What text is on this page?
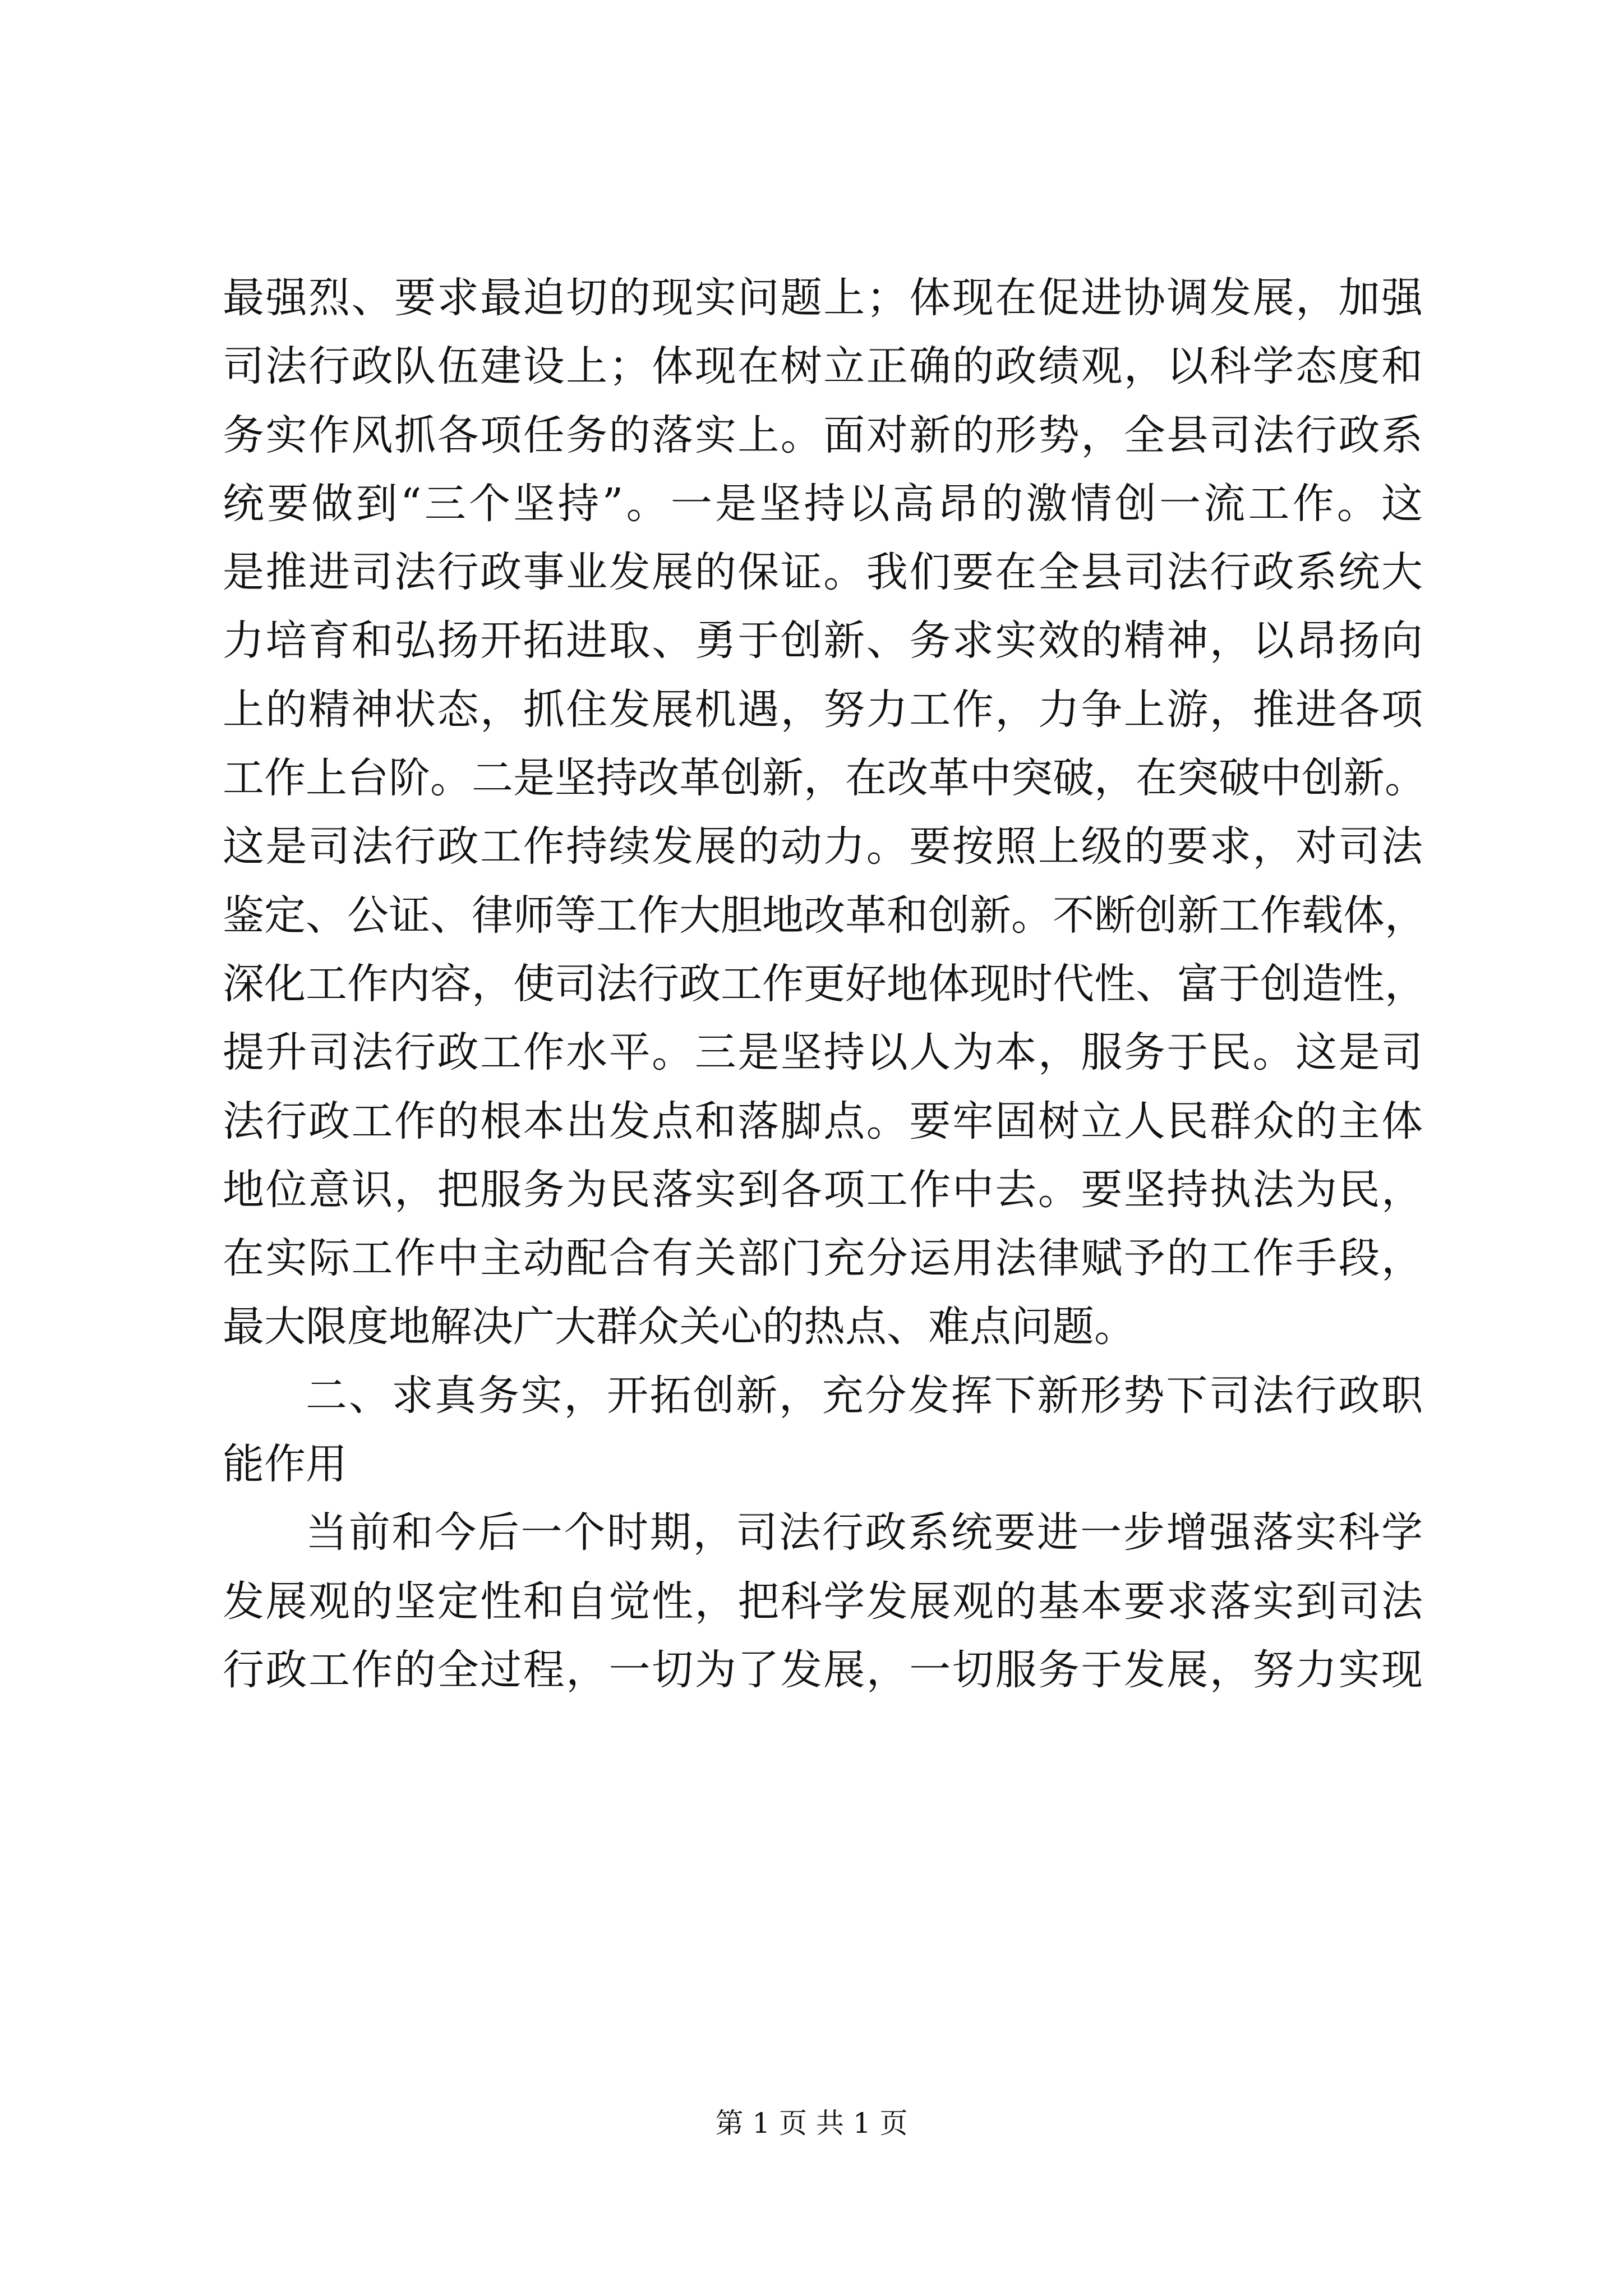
最强烈、要求最迫切的现实问题上；体现在促进协调发展，加强
司法行政队伍建设上；体现在树立正确的政绩观，以科学态度和
务实作风抓各项任务的落实上。面对新的形势，全县司法行政系
统要做到“三个坚持”。一是坚持以高昂的激情创一流工作。这
是推进司法行政事业发展的保证。我们要在全县司法行政系统大
力培育和弘扬开拓进取、勇于创新、务求实效的精神，以昂扬向
上的精神状态，抓住发展机遇，努力工作，力争上游，推进各项
工作上台阶。二是坚持改革创新，在改革中突破，在突破中创新。
这是司法行政工作持续发展的动力。要按照上级的要求，对司法
鉴定、公证、律师等工作大胆地改革和创新。不断创新工作载体，
深化工作内容，使司法行政工作更好地体现时代性、富于创造性，
提升司法行政工作水平。三是坚持以人为本，服务于民。这是司
法行政工作的根本出发点和落脚点。要牢固树立人民群众的主体
地位意识，把服务为民落实到各项工作中去。要坚持执法为民，
在实际工作中主动配合有关部门充分运用法律赋予的工作手段，
最大限度地解决广大群众关心的热点、难点问题。
二、求真务实，开拓创新，充分发挥下新形势下司法行政职
能作用
当前和今后一个时期，司法行政系统要进一步增强落实科学
发展观的坚定性和自觉性，把科学发展观的基本要求落实到司法
行政工作的全过程，一切为了发展，一切服务于发展，努力实现
第 1 页 共 1 页
